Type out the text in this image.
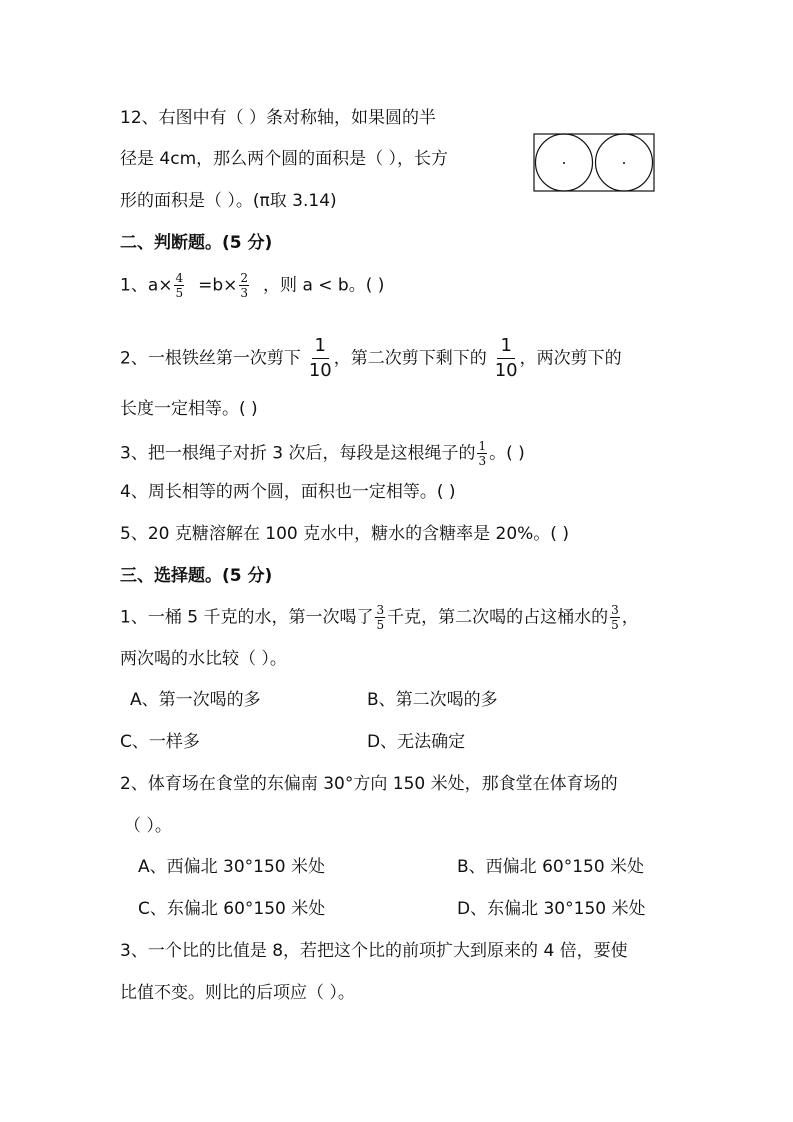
12、右图中有（ ）条对称轴，如果圆的半
径是 4cm，那么两个圆的面积是（ ），长方
形的面积是（ ）。(π取 3.14)
二、判断题。(5 分)
1、$a\times \frac{4}{5} =b\times \frac{2}{3}$ ，则 a < b。( )
2、一根铁丝第一次剪下 $\frac{1}{10}$ ，第二次剪下剩下的 $\frac{1}{10}$ ，两次剪下的
长度一定相等。( )
3、把一根绳子对折 3 次后，每段是这根绳子的 $\frac{1}{3}$ 。( )
4、周长相等的两个圆，面积也一定相等。( )
5、20 克糖溶解在 100 克水中，糖水的含糖率是 20%。( )
三、选择题。(5 分)
1、一桶 5 千克的水，第一次喝了 $\frac{3}{5}$ 千克，第二次喝的占这桶水的 $\frac{3}{5}$ ，
两次喝的水比较（ ）。
A、第一次喝的多	B、第二次喝的多
C、一样多	D、无法确定
2、体育场在食堂的东偏南 30°方向 150 米处，那食堂在体育场的
（ ）。
A、西偏北 30°150 米处	B、西偏北 60°150 米处
C、东偏北 60°150 米处	D、东偏北 30°150 米处
3、一个比的比值是 8，若把这个比的前项扩大到原来的 4 倍，要使
比值不变。则比的后项应（ ）。
